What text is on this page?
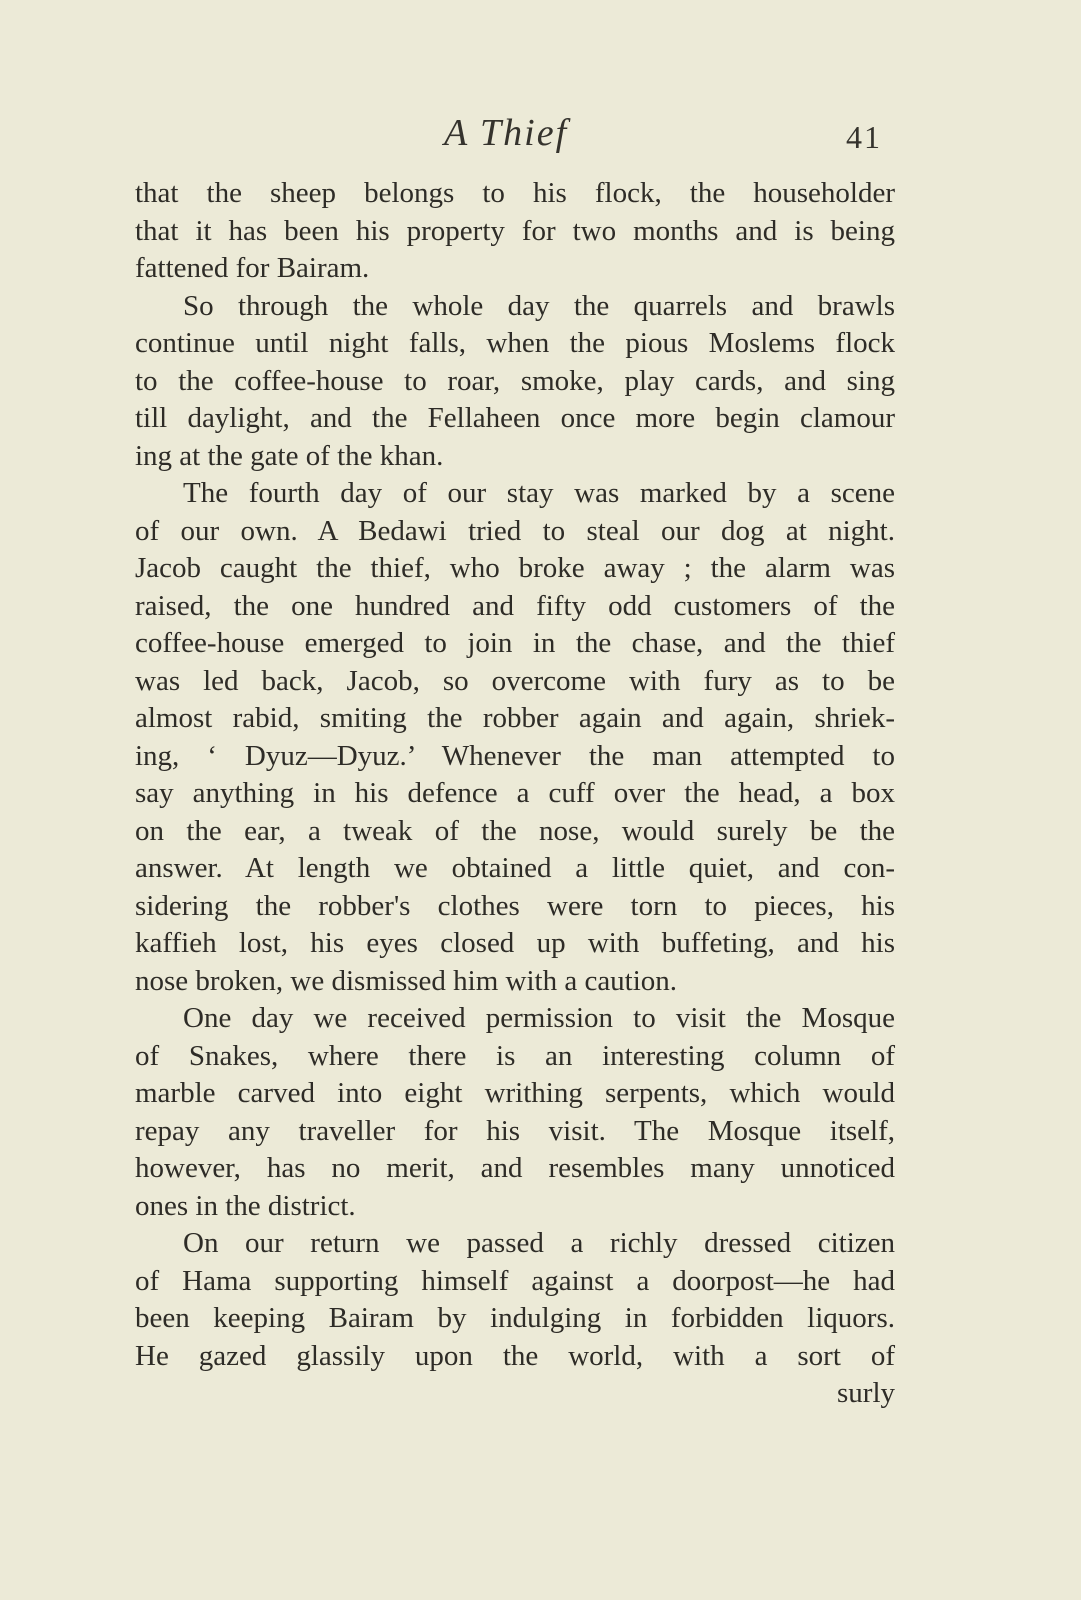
A Thief	41
that the sheep belongs to his flock, the householder
that it has been his property for two months and is being
fattened for Bairam.
So through the whole day the quarrels and brawls
continue until night falls, when the pious Moslems flock
to the coffee-house to roar, smoke, play cards, and sing
till daylight, and the Fellaheen once more begin clamour
ing at the gate of the khan.
The fourth day of our stay was marked by a scene
of our own. A Bedawi tried to steal our dog at night.
Jacob caught the thief, who broke away ; the alarm was
raised, the one hundred and fifty odd customers of the
coffee-house emerged to join in the chase, and the thief
was led back, Jacob, so overcome with fury as to be
almost rabid, smiting the robber again and again, shriek-
ing, ‘ Dyuz—Dyuz.’ Whenever the man attempted to
say anything in his defence a cuff over the head, a box
on the ear, a tweak of the nose, would surely be the
answer. At length we obtained a little quiet, and con-
sidering the robber's clothes were torn to pieces, his
kaffieh lost, his eyes closed up with buffeting, and his
nose broken, we dismissed him with a caution.
One day we received permission to visit the Mosque
of Snakes, where there is an interesting column of
marble carved into eight writhing serpents, which would
repay any traveller for his visit. The Mosque itself,
however, has no merit, and resembles many unnoticed
ones in the district.
On our return we passed a richly dressed citizen
of Hama supporting himself against a doorpost—he had
been keeping Bairam by indulging in forbidden liquors.
He gazed glassily upon the world, with a sort of
surly
